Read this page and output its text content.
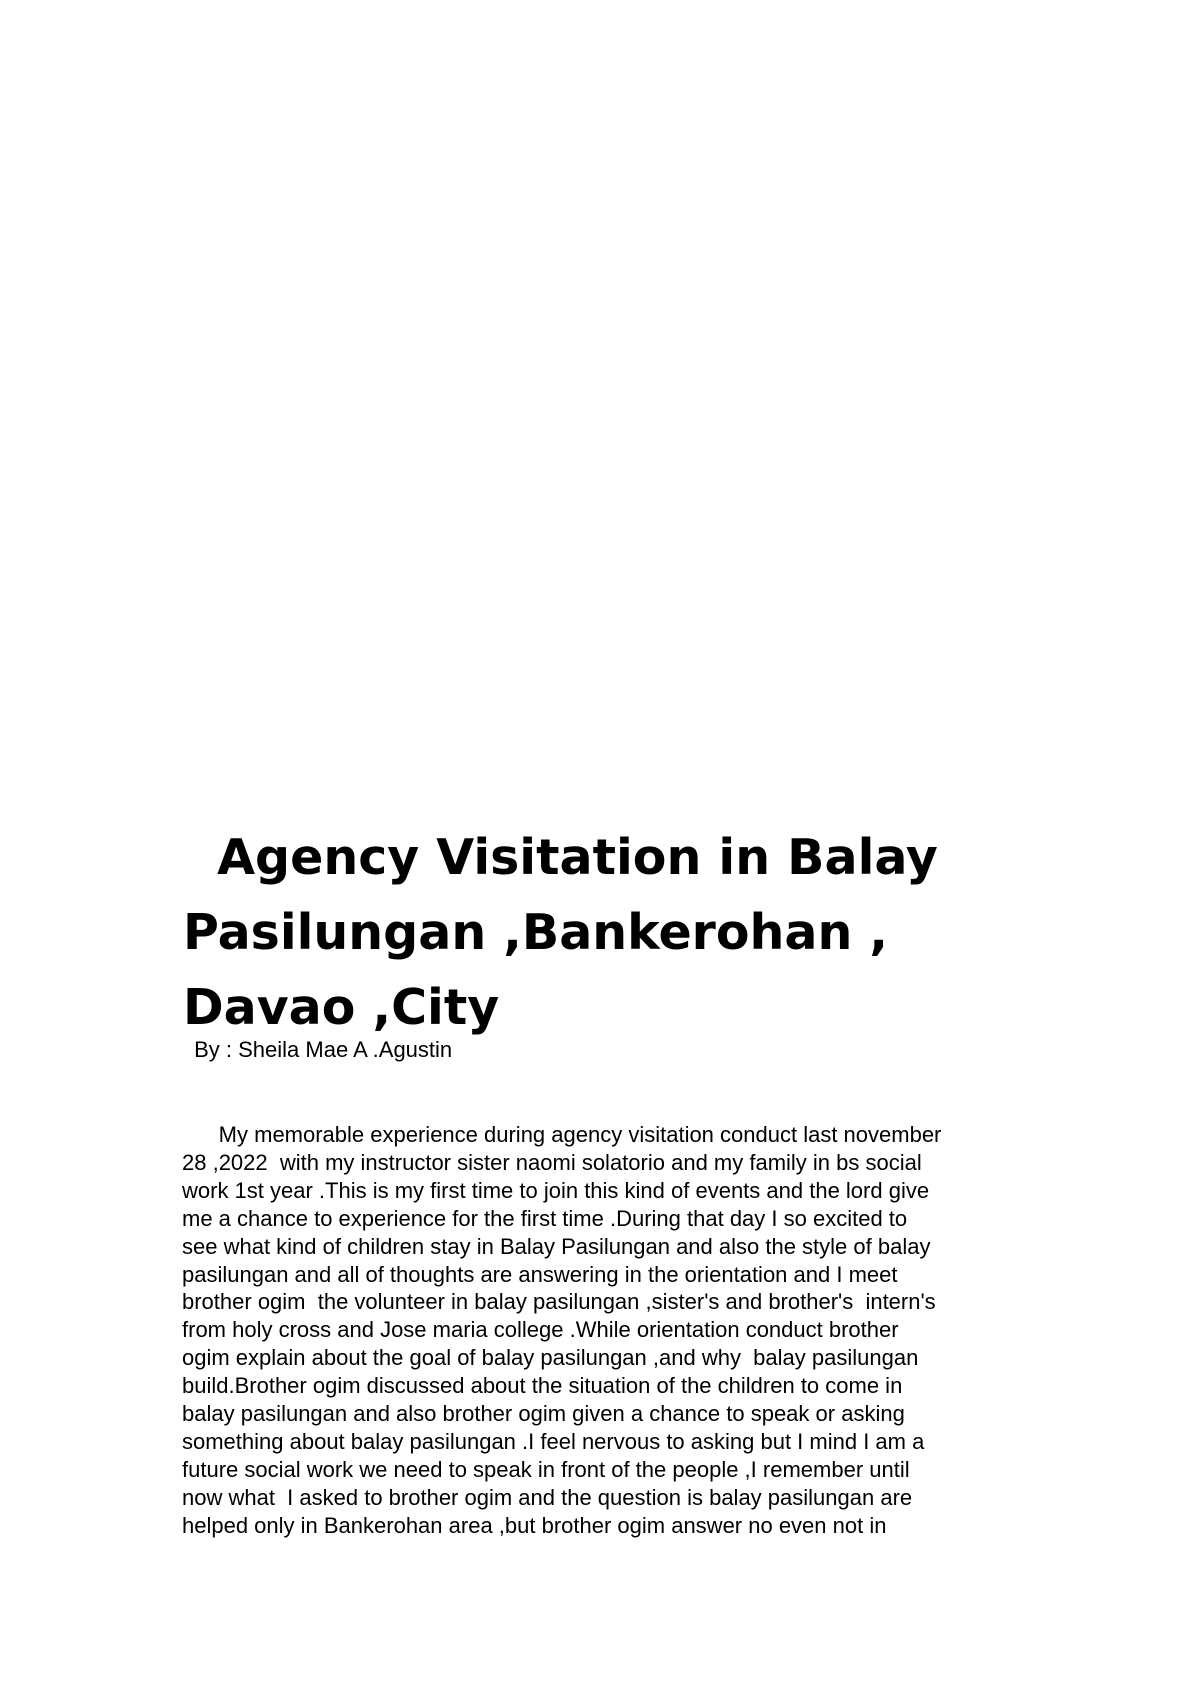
Agency Visitation in Balay

Pasilungan ,Bankerohan ,

Davao ,City

By : Sheila Mae A .Agustin

My memorable experience during agency visitation conduct last november

28 ,2022  with my instructor sister naomi solatorio and my family in bs social

work 1st year .This is my first time to join this kind of events and the lord give

me a chance to experience for the first time .During that day I so excited to

see what kind of children stay in Balay Pasilungan and also the style of balay

pasilungan and all of thoughts are answering in the orientation and I meet

brother ogim  the volunteer in balay pasilungan ,sister's and brother's  intern's

from holy cross and Jose maria college .While orientation conduct brother

ogim explain about the goal of balay pasilungan ,and why  balay pasilungan

build.Brother ogim discussed about the situation of the children to come in

balay pasilungan and also brother ogim given a chance to speak or asking

something about balay pasilungan .I feel nervous to asking but I mind I am a

future social work we need to speak in front of the people ,I remember until

now what  I asked to brother ogim and the question is balay pasilungan are

helped only in Bankerohan area ,but brother ogim answer no even not in
